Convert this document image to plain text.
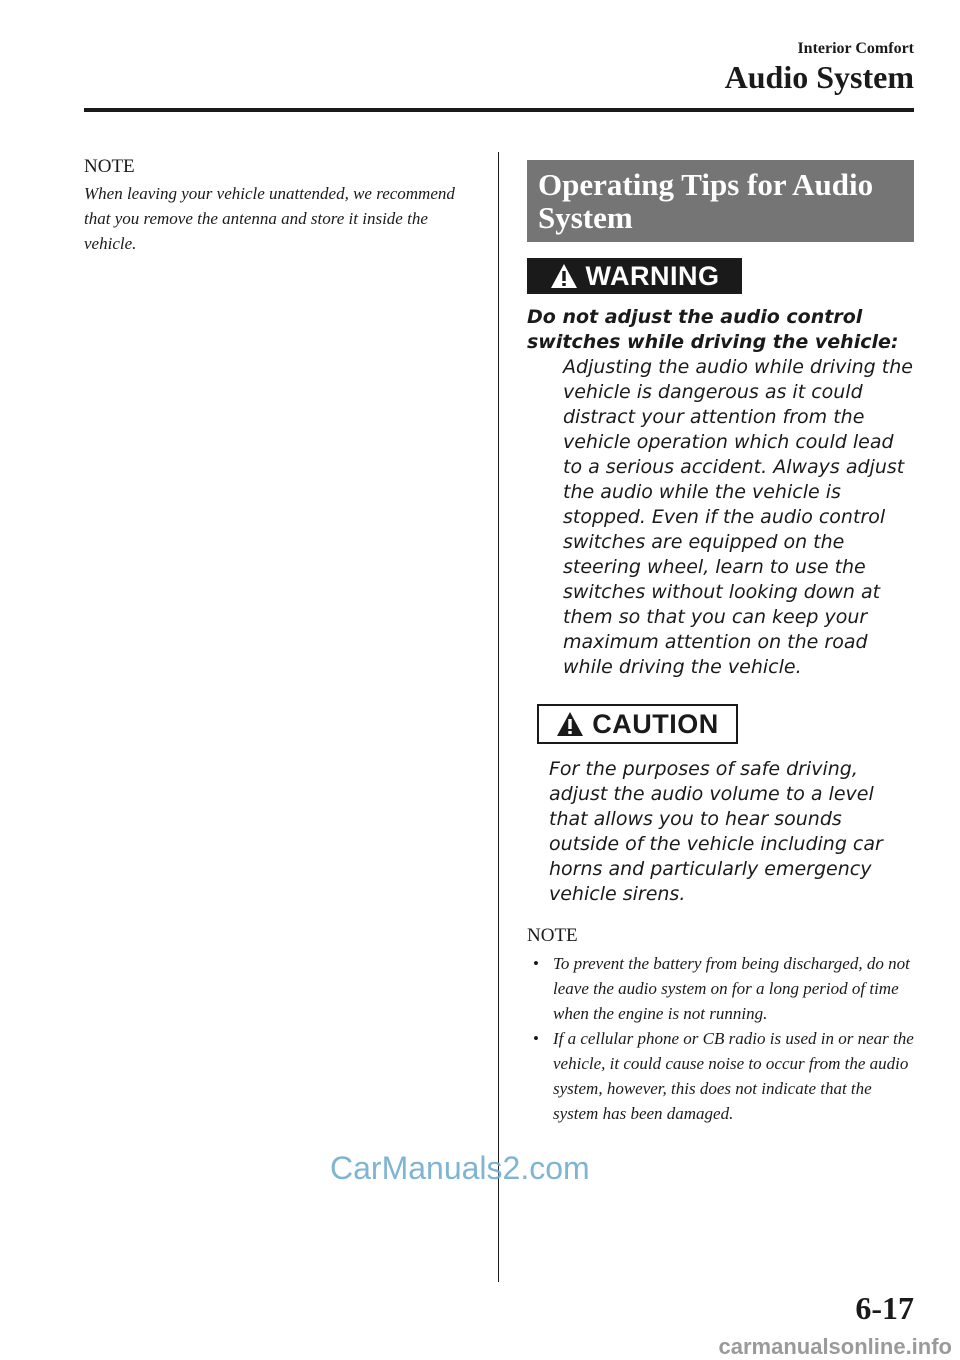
Interior Comfort
Audio System
NOTE

When leaving your vehicle unattended, we recommend that you remove the antenna and store it inside the vehicle.

Operating Tips for Audio System
WARNING
Do not adjust the audio control switches while driving the vehicle:
Adjusting the audio while driving the vehicle is dangerous as it could distract your attention from the vehicle operation which could lead to a serious accident. Always adjust the audio while the vehicle is stopped. Even if the audio control switches are equipped on the steering wheel, learn to use the switches without looking down at them so that you can keep your maximum attention on the road while driving the vehicle.
CAUTION
For the purposes of safe driving, adjust the audio volume to a level that allows you to hear sounds outside of the vehicle including car horns and particularly emergency vehicle sirens.
NOTE
• To prevent the battery from being discharged, do not leave the audio system on for a long period of time when the engine is not running.
• If a cellular phone or CB radio is used in or near the vehicle, it could cause noise to occur from the audio system, however, this does not indicate that the system has been damaged.
CarManuals2.com
6-17
carmanualsonline.info
